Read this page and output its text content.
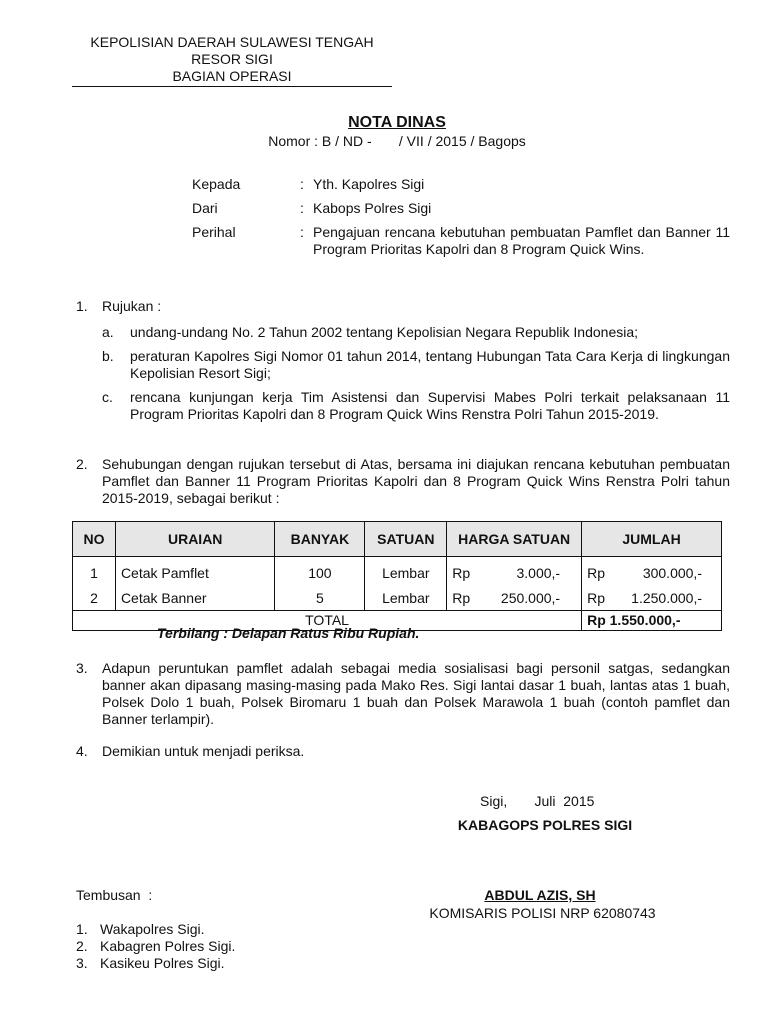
KEPOLISIAN DAERAH SULAWESI TENGAH
RESOR SIGI
BAGIAN OPERASI
NOTA DINAS
Nomor : B / ND -       / VII / 2015 / Bagops
Kepada	: Yth. Kapolres Sigi
Dari	: Kabops Polres Sigi
Perihal	: Pengajuan rencana kebutuhan pembuatan Pamflet dan Banner 11 Program Prioritas Kapolri dan 8 Program Quick Wins.
1. Rujukan :
a. undang-undang No. 2 Tahun 2002 tentang Kepolisian Negara Republik Indonesia;
b. peraturan Kapolres Sigi Nomor 01 tahun 2014, tentang Hubungan Tata Cara Kerja di lingkungan Kepolisian Resort Sigi;
c. rencana kunjungan kerja Tim Asistensi dan Supervisi Mabes Polri terkait pelaksanaan 11 Program Prioritas Kapolri dan 8 Program Quick Wins Renstra Polri Tahun 2015-2019.
2. Sehubungan dengan rujukan tersebut di Atas, bersama ini diajukan rencana kebutuhan pembuatan Pamflet dan Banner 11 Program Prioritas Kapolri dan 8 Program Quick Wins Renstra Polri tahun 2015-2019, sebagai berikut :
NO	URAIAN	BANYAK	SATUAN	HARGA SATUAN	JUMLAH
1	Cetak Pamflet	100	Lembar	Rp 3.000,-	Rp 300.000,-

2	Cetak Banner	5	Lembar	Rp 250.000,-	Rp 1.250.000,-

TOTAL					Rp 1.550.000,-
Terbilang : Delapan Ratus Ribu Rupiah.
3. Adapun peruntukan pamflet adalah sebagai media sosialisasi bagi personil satgas, sedangkan banner akan dipasang masing-masing pada Mako Res. Sigi lantai dasar 1 buah, lantas atas 1 buah, Polsek Dolo 1 buah, Polsek Biromaru 1 buah dan Polsek Marawola 1 buah (contoh pamflet dan Banner terlampir).
4. Demikian untuk menjadi periksa.
Sigi,       Juli  2015
KABAGOPS POLRES SIGI
ABDUL AZIS, SH
KOMISARIS POLISI NRP 62080743
Tembusan  :
1. Wakapolres Sigi.
2. Kabagren Polres Sigi.
3. Kasikeu Polres Sigi.
